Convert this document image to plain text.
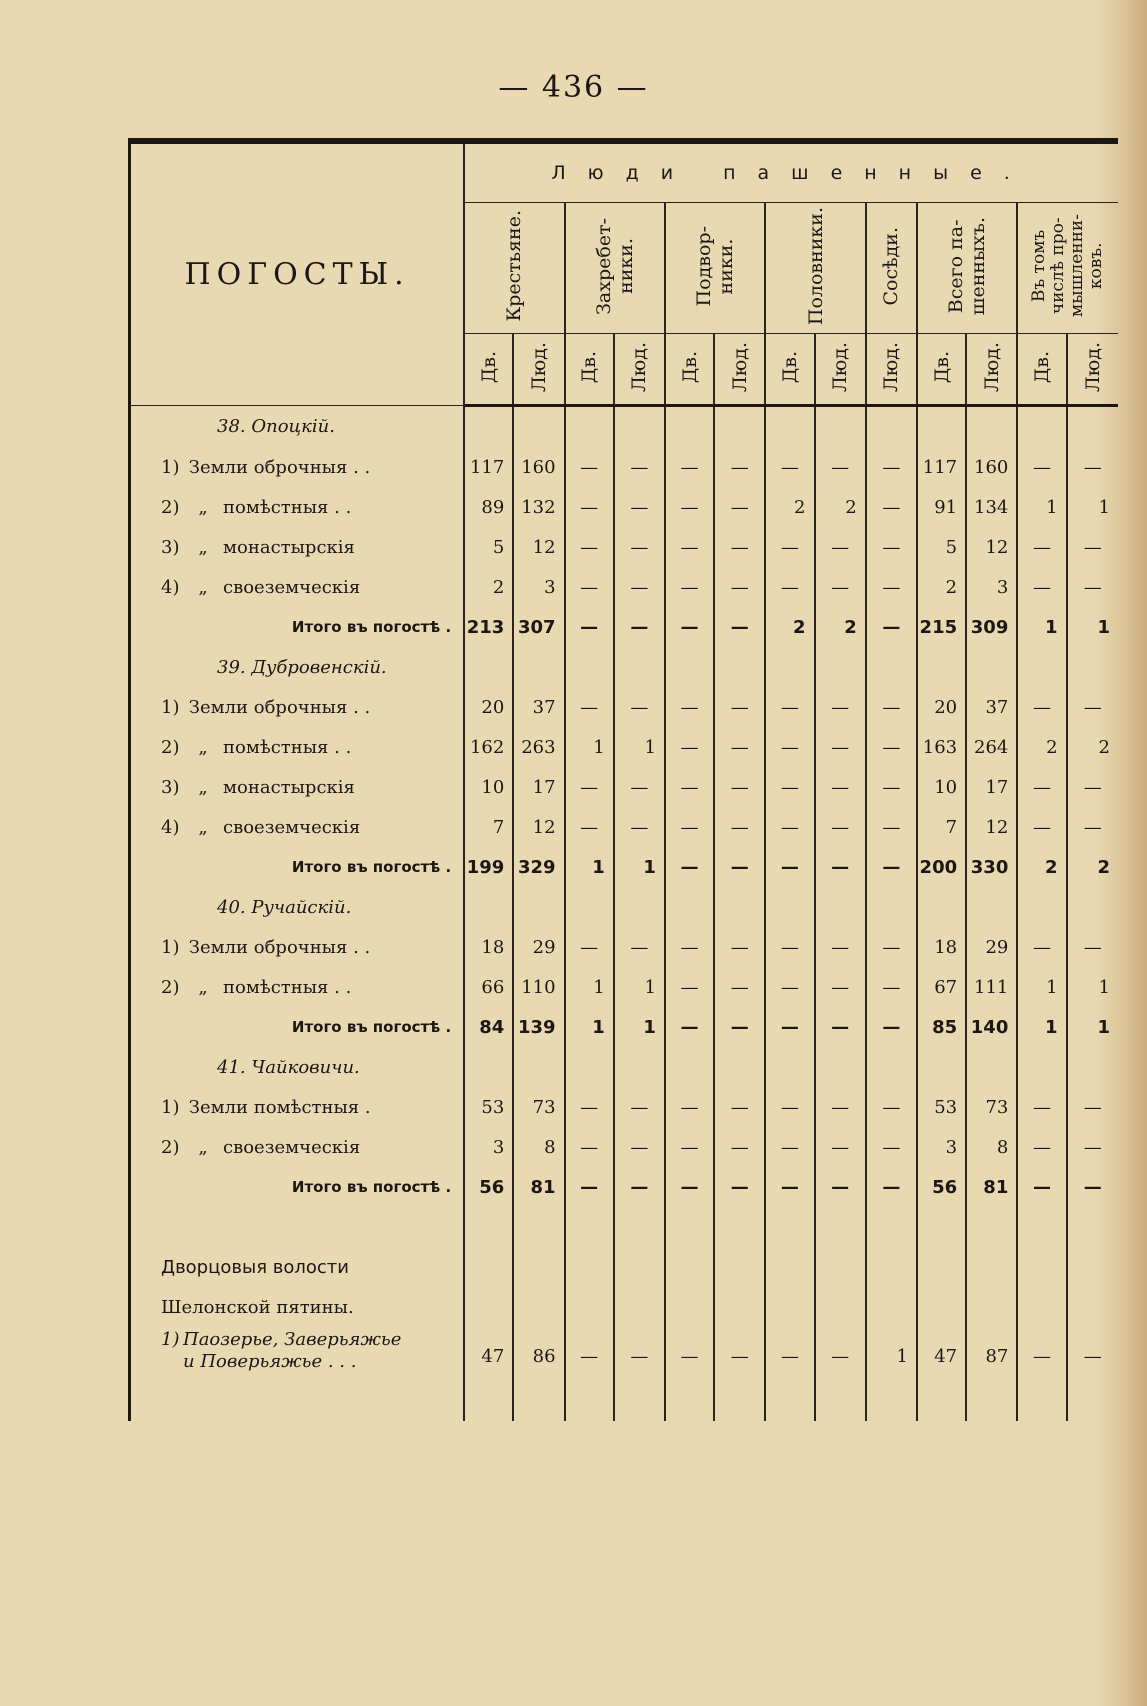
— 436 —
ПОГОСТЫ.	Люди пашенные.												
	Крестьяне.		Захребет-
ники.		Подвор-
ники.		Половники.		Сосѣди.	Всего па-
шенныхъ.		Въ томъ
числѣ про-
мышленни-
ковъ.	
	Дв.	Люд.	Дв.	Люд.	Дв.	Люд.	Дв.	Люд.	Люд.	Дв.	Люд.	Дв.	Люд.
38. Опоцкій.													
1) Земли оброчныя . .	117	160	—	—	—	—	—	—	—	117	160	—	—
2) „ помѣстныя . .	89	132	—	—	—	—	2	2	—	91	134	1	1
3) „ монастырскія	5	12	—	—	—	—	—	—	—	5	12	—	—
4) „ своеземческія	2	3	—	—	—	—	—	—	—	2	3	—	—
Итого въ погостѣ .	213	307	—	—	—	—	2	2	—	215	309	1	1
39. Дубровенскій.													
1) Земли оброчныя . .	20	37	—	—	—	—	—	—	—	20	37	—	—
2) „ помѣстныя . .	162	263	1	1	—	—	—	—	—	163	264	2	2
3) „ монастырскія	10	17	—	—	—	—	—	—	—	10	17	—	—
4) „ своеземческія	7	12	—	—	—	—	—	—	—	7	12	—	—
Итого въ погостѣ .	199	329	1	1	—	—	—	—	—	200	330	2	2
40. Ручайскій.													
1) Земли оброчныя . .	18	29	—	—	—	—	—	—	—	18	29	—	—
2) „ помѣстныя . .	66	110	1	1	—	—	—	—	—	67	111	1	1
Итого въ погостѣ .	84	139	1	1	—	—	—	—	—	85	140	1	1
41. Чайковичи.													
1) Земли помѣстныя .	53	73	—	—	—	—	—	—	—	53	73	—	—
2) „ своеземческія	3	8	—	—	—	—	—	—	—	3	8	—	—
Итого въ погостѣ .	56	81	—	—	—	—	—	—	—	56	81	—	—

Дворцовыя волости													
Шелонской пятины.													
1) Паозерье, Заверьяжье
и Поверьяжье . . .	47	86	—	—	—	—	—	—	1	47	87	—	—
